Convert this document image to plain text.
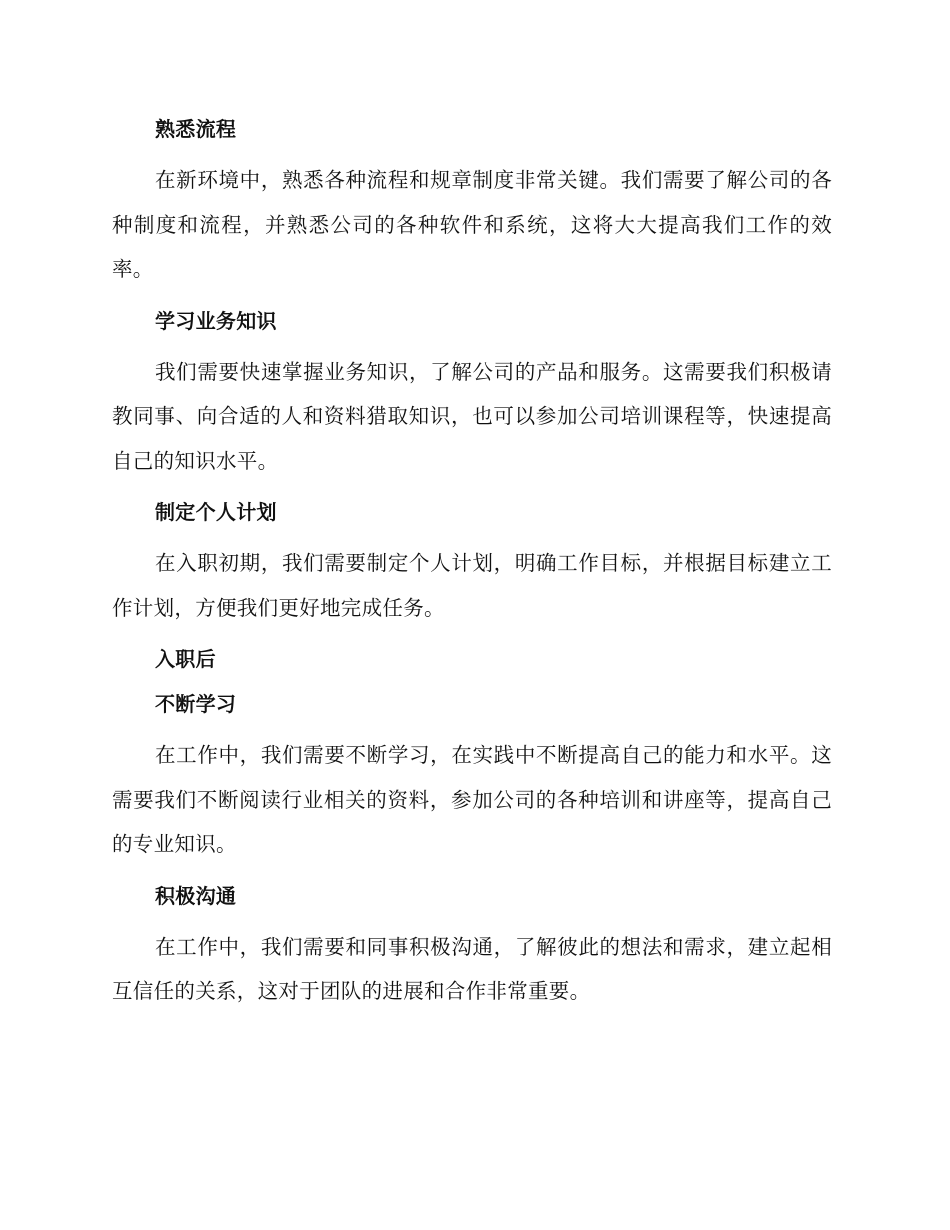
熟悉流程
在新环境中，熟悉各种流程和规章制度非常关键。我们需要了解公司的各种制度和流程，并熟悉公司的各种软件和系统，这将大大提高我们工作的效率。
学习业务知识
我们需要快速掌握业务知识，了解公司的产品和服务。这需要我们积极请教同事、向合适的人和资料猎取知识，也可以参加公司培训课程等，快速提高自己的知识水平。
制定个人计划
在入职初期，我们需要制定个人计划，明确工作目标，并根据目标建立工作计划，方便我们更好地完成任务。
入职后
不断学习
在工作中，我们需要不断学习，在实践中不断提高自己的能力和水平。这需要我们不断阅读行业相关的资料，参加公司的各种培训和讲座等，提高自己的专业知识。
积极沟通
在工作中，我们需要和同事积极沟通，了解彼此的想法和需求，建立起相互信任的关系，这对于团队的进展和合作非常重要。
